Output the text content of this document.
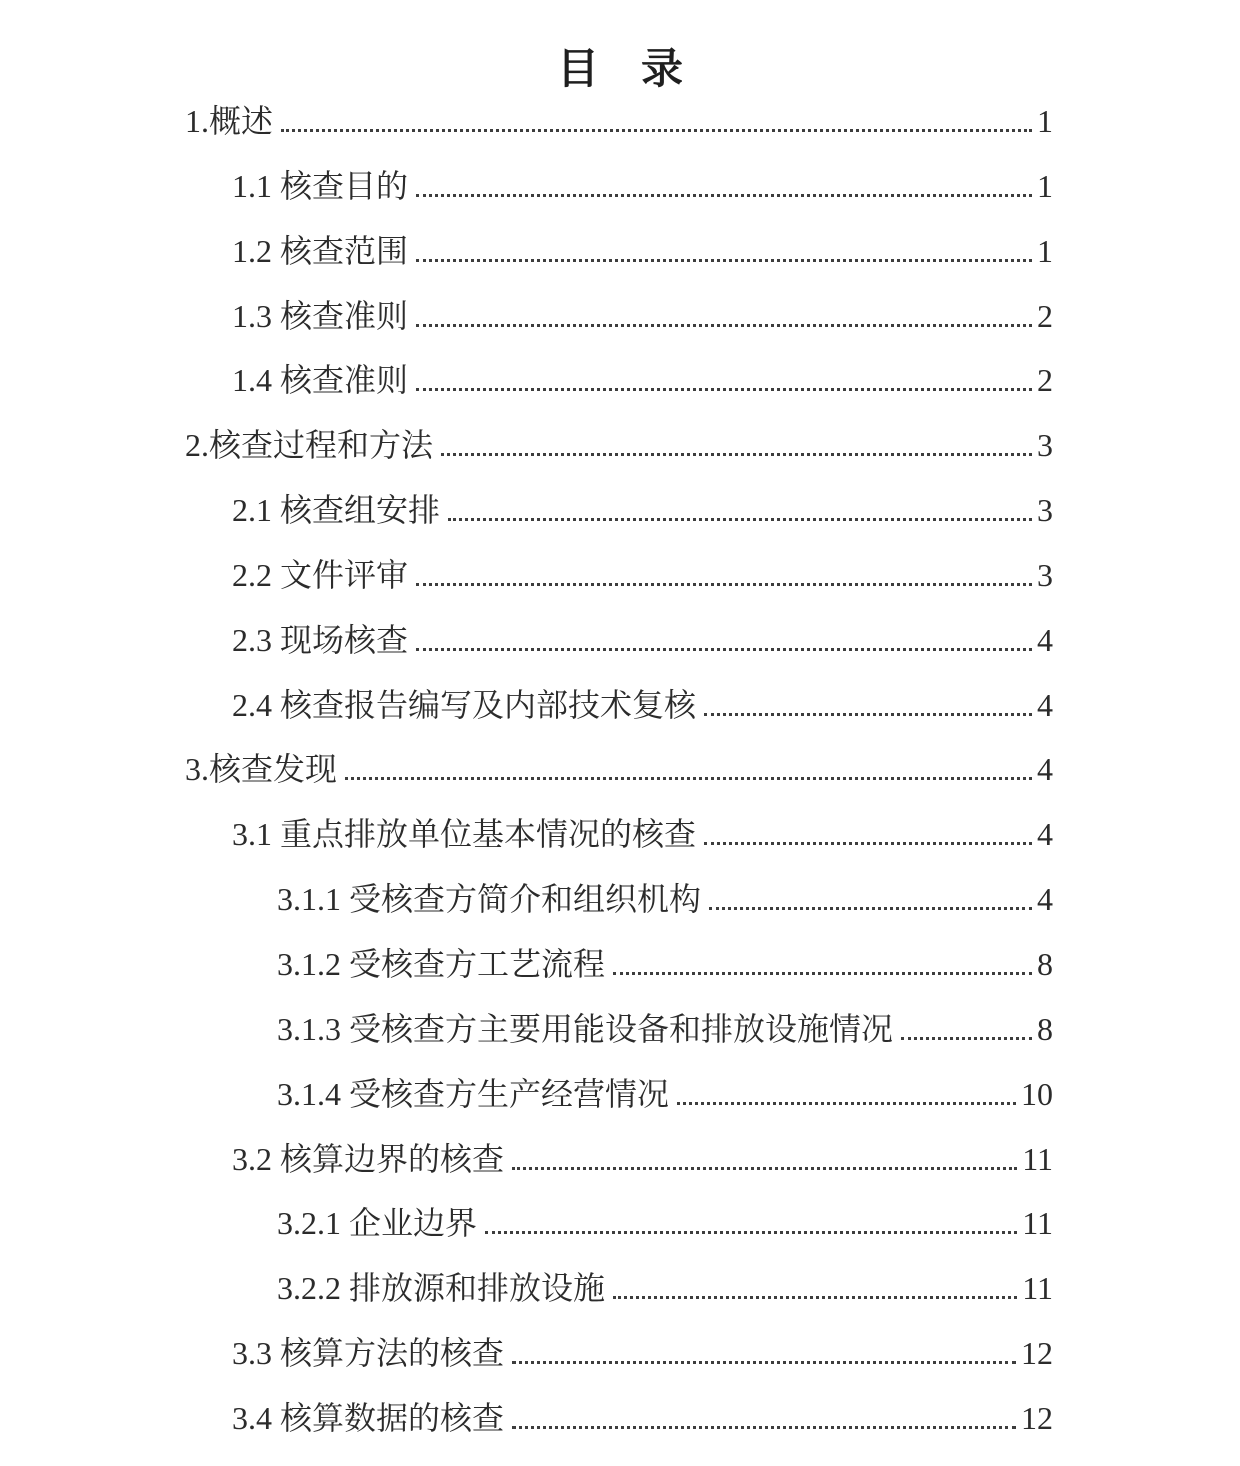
目　录
1.概述	1
1.1 核查目的	1
1.2 核查范围	1
1.3 核查准则	2
1.4 核查准则	2
2.核查过程和方法	3
2.1 核查组安排	3
2.2 文件评审	3
2.3 现场核查	4
2.4 核查报告编写及内部技术复核	4
3.核查发现	4
3.1 重点排放单位基本情况的核查	4
3.1.1 受核查方简介和组织机构	4
3.1.2 受核查方工艺流程	8
3.1.3 受核查方主要用能设备和排放设施情况	8
3.1.4 受核查方生产经营情况	10
3.2 核算边界的核查	11
3.2.1 企业边界	11
3.2.2 排放源和排放设施	11
3.3 核算方法的核查	12
3.4 核算数据的核查	12
